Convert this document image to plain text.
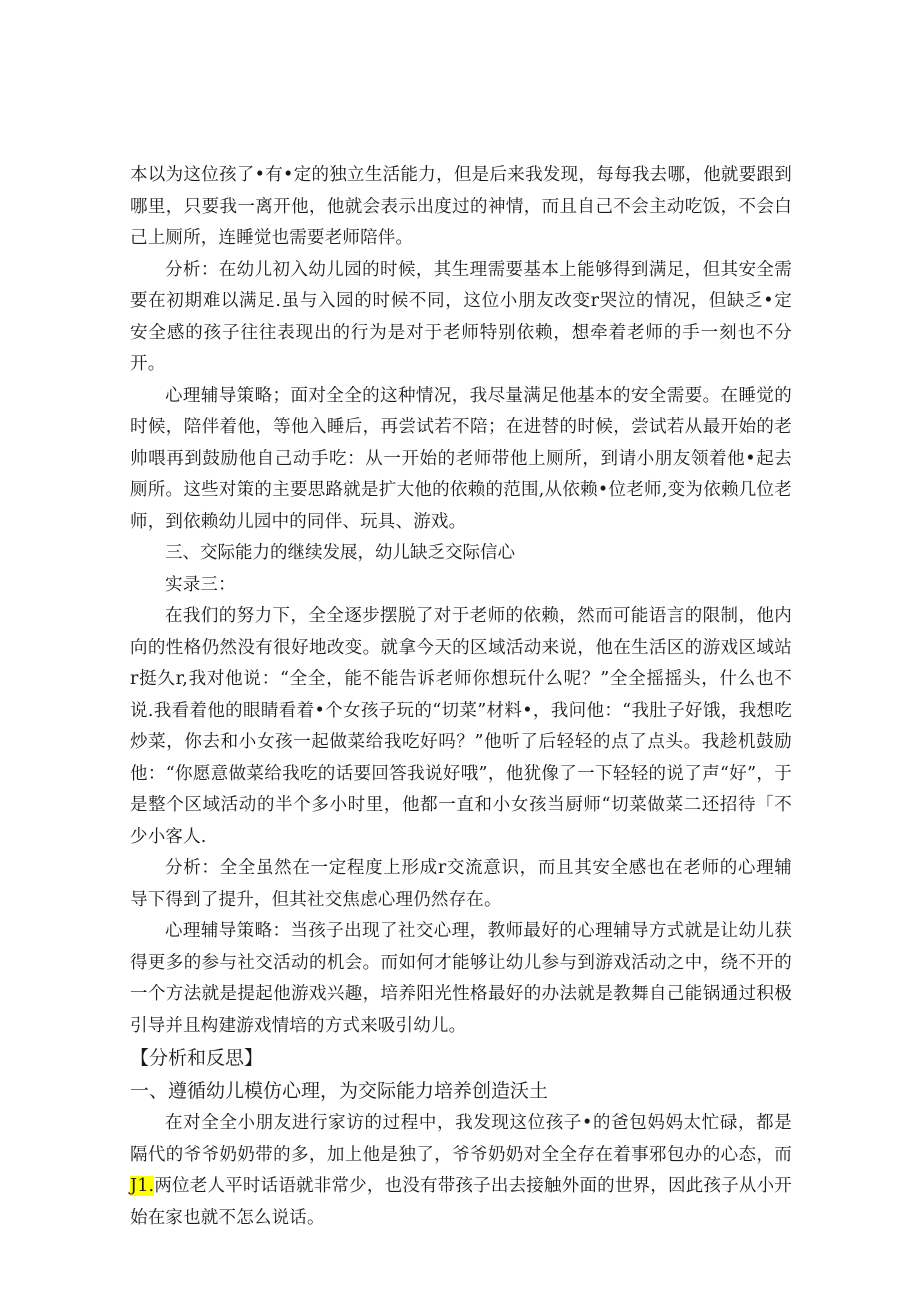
本以为这位孩了•有•定的独立生活能力，但是后来我发现，每每我去哪，他就要跟到哪里，只要我一离开他，他就会表示出度过的神情，而且自己不会主动吃饭，不会白己上厕所，连睡觉也需要老师陪伴。

分析：在幼儿初入幼儿园的时候，其生理需要基本上能够得到满足，但其安全需要在初期难以满足.虽与入园的时候不同，这位小朋友改变r哭泣的情况，但缺乏•定安全感的孩子往往表现出的行为是对于老师特别依赖，想牵着老师的手一刻也不分开。

心理辅导策略；面对全全的这种情况，我尽量满足他基本的安全需要。在睡觉的时候，陪伴着他，等他入睡后，再尝试若不陪；在进替的时候，尝试若从最开始的老帅喂再到鼓励他自己动手吃：从一开始的老师带他上厕所，到请小朋友领着他•起去厕所。这些对策的主要思路就是扩大他的依赖的范围,从依赖•位老师,变为依赖几位老师，到依赖幼儿园中的同伴、玩具、游戏。

三、交际能力的继续发展，幼儿缺乏交际信心

实录三：

在我们的努力下，全全逐步摆脱了对于老师的依赖，然而可能语言的限制，他内向的性格仍然没有很好地改变。就拿今天的区域活动来说，他在生活区的游戏区域站r挺久r,我对他说：“全全，能不能告诉老师你想玩什么呢？”全全摇摇头，什么也不说.我看着他的眼睛看着•个女孩子玩的“切菜”材料•，我问他：“我肚子好饿，我想吃炒菜，你去和小女孩一起做菜给我吃好吗？”他听了后轻轻的点了点头。我趁机鼓励他：“你愿意做菜给我吃的话要回答我说好哦”，他犹像了一下轻轻的说了声“好”，于是整个区域活动的半个多小时里，他都一直和小女孩当厨师“切菜做菜二还招待「不少小客人.

分析：全全虽然在一定程度上形成r交流意识，而且其安全感也在老师的心理辅导下得到了提升，但其社交焦虑心理仍然存在。

心理辅导策略：当孩子出现了社交心理，教师最好的心理辅导方式就是让幼儿获得更多的参与社交活动的机会。而如何才能够让幼儿参与到游戏活动之中，绕不开的一个方法就是提起他游戏兴趣，培养阳光性格最好的办法就是教舞自己能锅通过积极引导并且构建游戏情培的方式来吸引幼儿。

【分析和反思】
一、遵循幼儿模仿心理，为交际能力培养创造沃土

在对全全小朋友进行家访的过程中，我发现这位孩子•的爸包妈妈太忙碌，都是隔代的爷爷奶奶带的多，加上他是独了，爷爷奶奶对全全存在着事邪包办的心态，而J1.两位老人平时话语就非常少，也没有带孩子出去接触外面的世界，因此孩子从小开始在家也就不怎么说话。
